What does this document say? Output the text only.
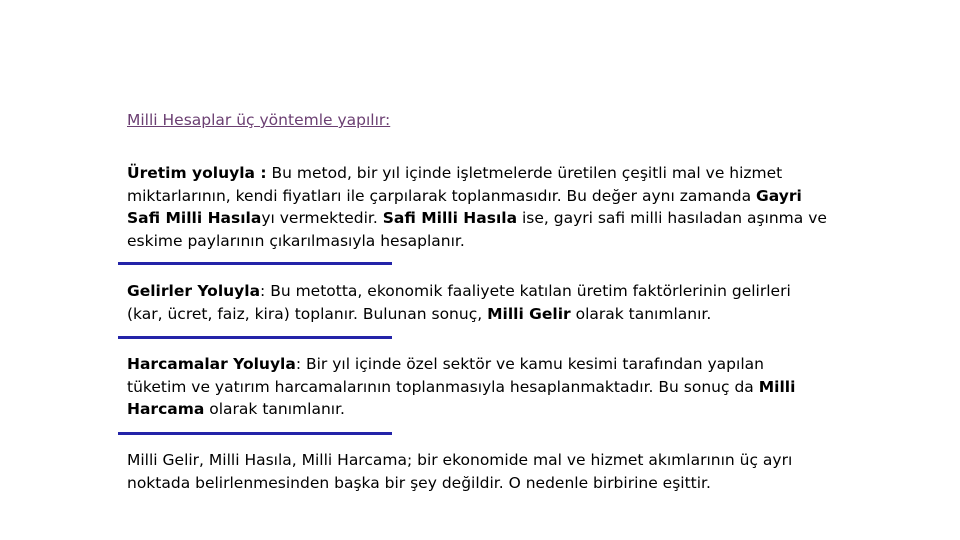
Milli Hesaplar üç yöntemle yapılır:

Üretim yoluyla : Bu metod, bir yıl içinde işletmelerde üretilen çeşitli mal ve hizmet miktarlarının, kendi fiyatları ile çarpılarak toplanmasıdır. Bu değer aynı zamanda Gayri Safi Milli Hasılayı vermektedir. Safi Milli Hasıla ise, gayri safi milli hasıladan aşınma ve eskime paylarının çıkarılmasıyla hesaplanır.

Gelirler Yoluyla: Bu metotta, ekonomik faaliyete katılan üretim faktörlerinin gelirleri (kar, ücret, faiz, kira) toplanır. Bulunan sonuç, Milli Gelir olarak tanımlanır.

Harcamalar Yoluyla: Bir yıl içinde özel sektör ve kamu kesimi tarafından yapılan tüketim ve yatırım harcamalarının toplanmasıyla hesaplanmaktadır. Bu sonuç da Milli Harcama olarak tanımlanır.

Milli Gelir, Milli Hasıla, Milli Harcama; bir ekonomide mal ve hizmet akımlarının üç ayrı noktada belirlenmesinden başka bir şey değildir. O nedenle birbirine eşittir.
